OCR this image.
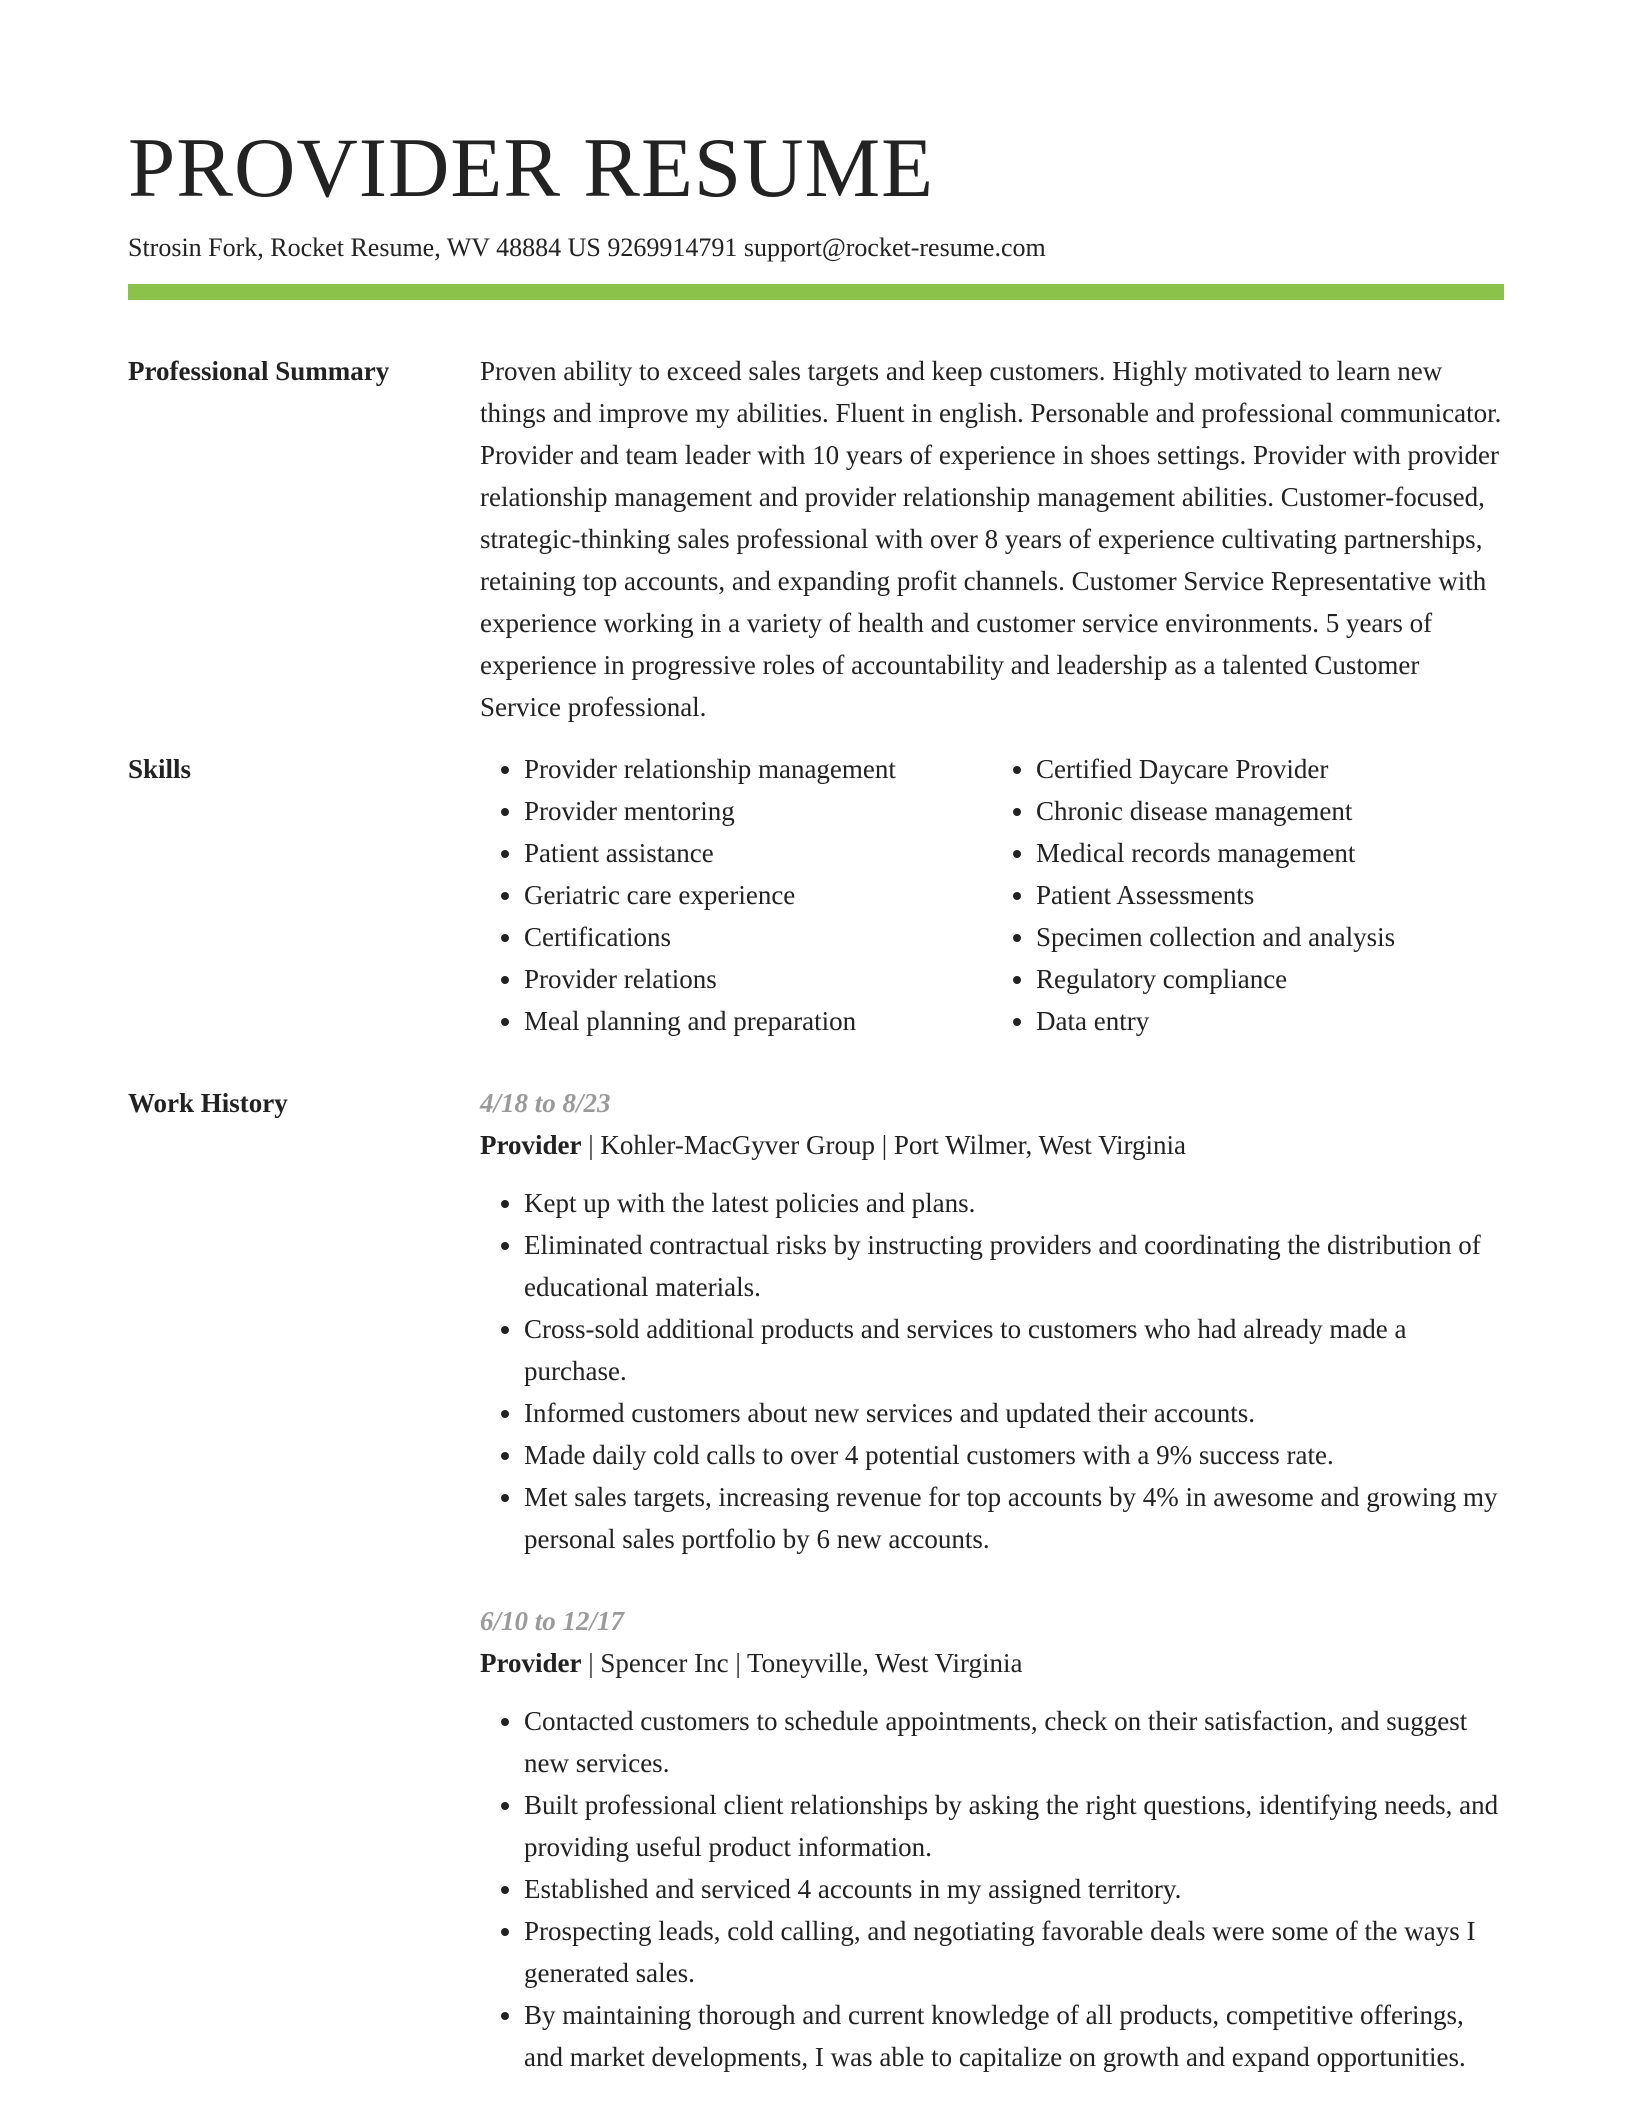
PROVIDER RESUME
Strosin Fork, Rocket Resume, WV 48884 US 9269914791 support@rocket-resume.com
Professional Summary	Proven ability to exceed sales targets and keep customers. Highly motivated to learn new things and improve my abilities. Fluent in english. Personable and professional communicator. Provider and team leader with 10 years of experience in shoes settings. Provider with provider relationship management and provider relationship management abilities. Customer-focused, strategic-thinking sales professional with over 8 years of experience cultivating partnerships, retaining top accounts, and expanding profit channels. Customer Service Representative with experience working in a variety of health and customer service environments. 5 years of experience in progressive roles of accountability and leadership as a talented Customer Service professional.

Skills
•	Provider relationship management
• Provider mentoring
• Patient assistance
• Geriatric care experience
• Certifications
• Provider relations
• Meal planning and preparation
• Certified Daycare Provider
• Chronic disease management
• Medical records management
• Patient Assessments
• Specimen collection and analysis
• Regulatory compliance
• Data entry
Work History	4/18 to 8/23
Provider | Kohler-MacGyver Group | Port Wilmer, West Virginia
• Kept up with the latest policies and plans.
• Eliminated contractual risks by instructing providers and coordinating the distribution of educational materials.
• Cross-sold additional products and services to customers who had already made a purchase.
• Informed customers about new services and updated their accounts.
• Made daily cold calls to over 4 potential customers with a 9% success rate.
• Met sales targets, increasing revenue for top accounts by 4% in awesome and growing my personal sales portfolio by 6 new accounts.
6/10 to 12/17
Provider | Spencer Inc | Toneyville, West Virginia
• Contacted customers to schedule appointments, check on their satisfaction, and suggest new services.
• Built professional client relationships by asking the right questions, identifying needs, and providing useful product information.
• Established and serviced 4 accounts in my assigned territory.
• Prospecting leads, cold calling, and negotiating favorable deals were some of the ways I generated sales.
• By maintaining thorough and current knowledge of all products, competitive offerings, and market developments, I was able to capitalize on growth and expand opportunities.
